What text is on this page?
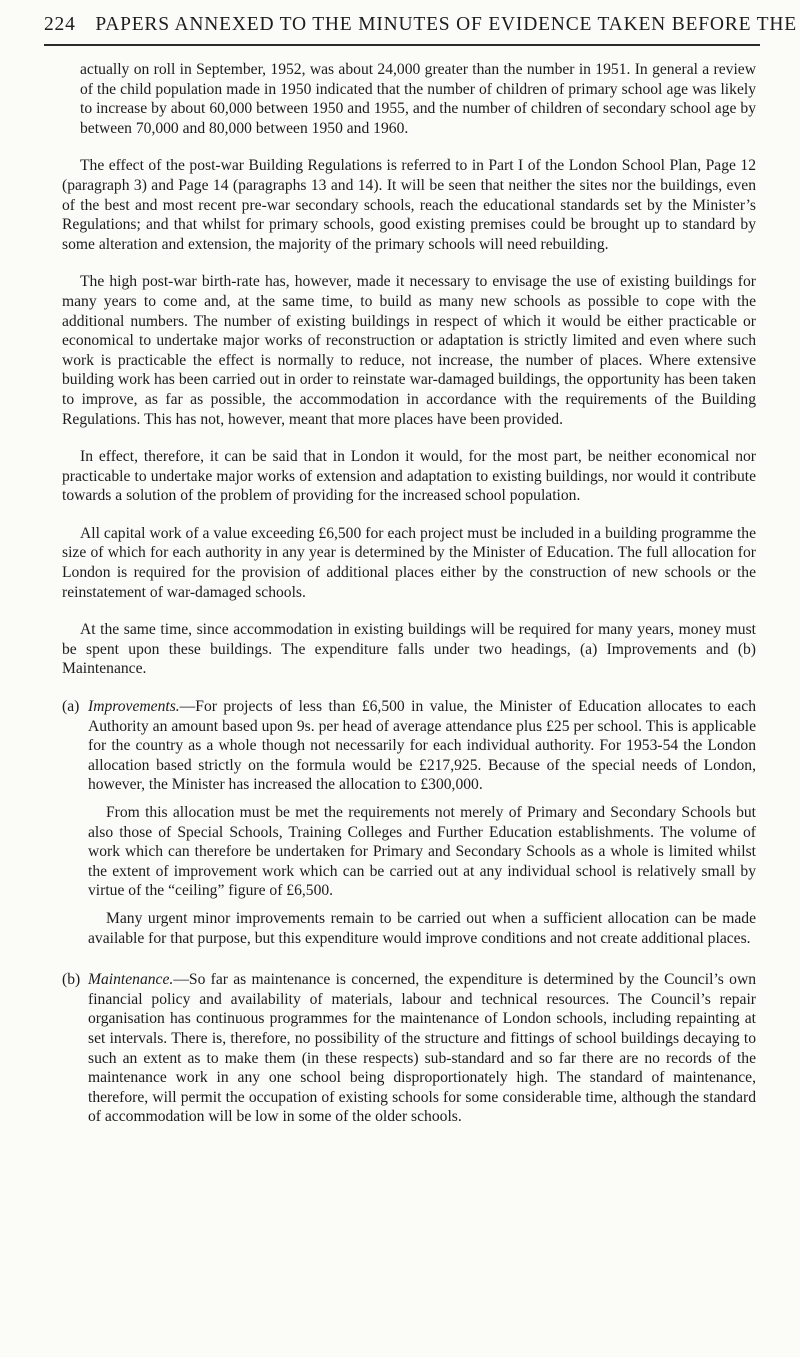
224 PAPERS ANNEXED TO THE MINUTES OF EVIDENCE TAKEN BEFORE THE

actually on roll in September, 1952, was about 24,000 greater than the number in 1951. In general a review of the child population made in 1950 indicated that the number of children of primary school age was likely to increase by about 60,000 between 1950 and 1955, and the number of children of secondary school age by between 70,000 and 80,000 between 1950 and 1960.

The effect of the post-war Building Regulations is referred to in Part I of the London School Plan, Page 12 (paragraph 3) and Page 14 (paragraphs 13 and 14). It will be seen that neither the sites nor the buildings, even of the best and most recent pre-war secondary schools, reach the educational standards set by the Minister’s Regulations; and that whilst for primary schools, good existing premises could be brought up to standard by some alteration and extension, the majority of the primary schools will need rebuilding.

The high post-war birth-rate has, however, made it necessary to envisage the use of existing buildings for many years to come and, at the same time, to build as many new schools as possible to cope with the additional numbers. The number of existing buildings in respect of which it would be either practicable or economical to undertake major works of reconstruction or adaptation is strictly limited and even where such work is practicable the effect is normally to reduce, not increase, the number of places. Where extensive building work has been carried out in order to reinstate war-damaged buildings, the opportunity has been taken to improve, as far as possible, the accommodation in accordance with the requirements of the Building Regulations. This has not, however, meant that more places have been provided.

In effect, therefore, it can be said that in London it would, for the most part, be neither economical nor practicable to undertake major works of extension and adaptation to existing buildings, nor would it contribute towards a solution of the problem of providing for the increased school population.

All capital work of a value exceeding £6,500 for each project must be included in a building programme the size of which for each authority in any year is determined by the Minister of Education. The full allocation for London is required for the provision of additional places either by the construction of new schools or the reinstatement of war-damaged schools.

At the same time, since accommodation in existing buildings will be required for many years, money must be spent upon these buildings. The expenditure falls under two headings, (a) Improvements and (b) Maintenance.

(a) Improvements.—For projects of less than £6,500 in value, the Minister of Education allocates to each Authority an amount based upon 9s. per head of average attendance plus £25 per school. This is applicable for the country as a whole though not necessarily for each individual authority. For 1953-54 the London allocation based strictly on the formula would be £217,925. Because of the special needs of London, however, the Minister has increased the allocation to £300,000.

From this allocation must be met the requirements not merely of Primary and Secondary Schools but also those of Special Schools, Training Colleges and Further Education establishments. The volume of work which can therefore be undertaken for Primary and Secondary Schools as a whole is limited whilst the extent of improvement work which can be carried out at any individual school is relatively small by virtue of the “ceiling” figure of £6,500.

Many urgent minor improvements remain to be carried out when a sufficient allocation can be made available for that purpose, but this expenditure would improve conditions and not create additional places.

(b) Maintenance.—So far as maintenance is concerned, the expenditure is determined by the Council’s own financial policy and availability of materials, labour and technical resources. The Council’s repair organisation has continuous programmes for the maintenance of London schools, including repainting at set intervals. There is, therefore, no possibility of the structure and fittings of school buildings decaying to such an extent as to make them (in these respects) sub-standard and so far there are no records of the maintenance work in any one school being disproportionately high. The standard of maintenance, therefore, will permit the occupation of existing schools for some considerable time, although the standard of accommodation will be low in some of the older schools.
